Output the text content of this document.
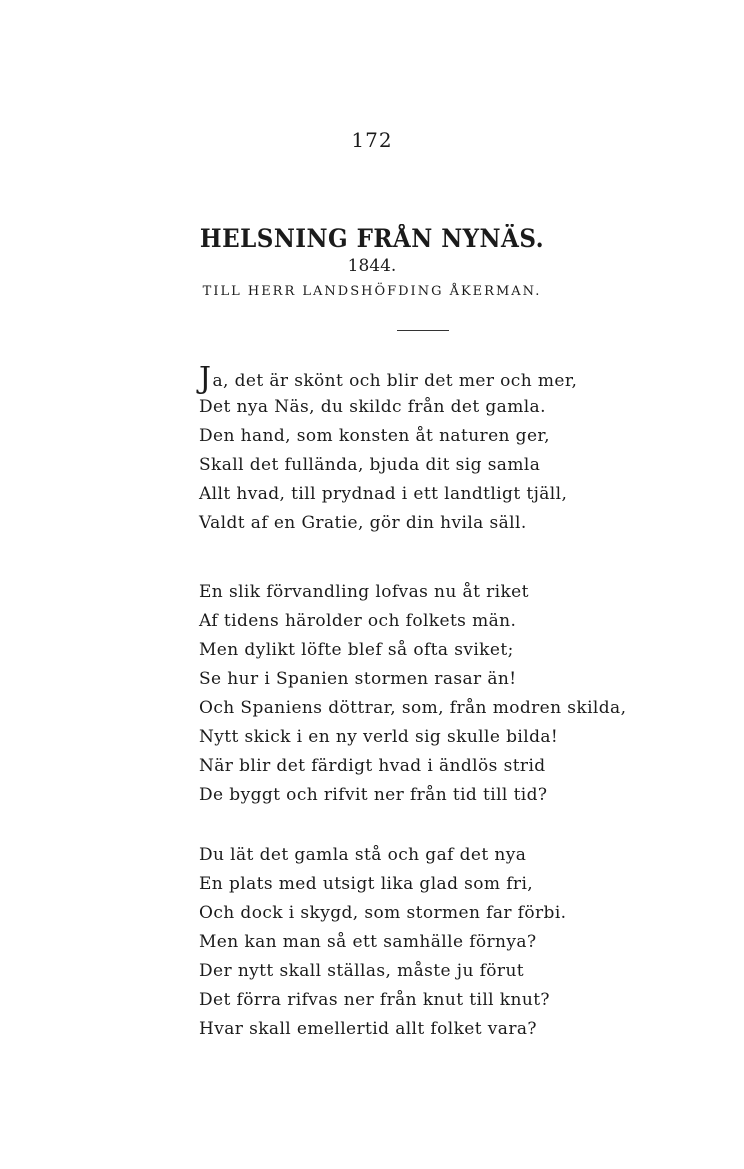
172
HELSNING FRÅN NYNÄS.
1844.
TILL HERR LANDSHÖFDING ÅKERMAN.
Ja, det är skönt och blir det mer och mer,
Det nya Näs, du skildc från det gamla.
Den hand, som konsten åt naturen ger,
Skall det fullända, bjuda dit sig samla
Allt hvad, till prydnad i ett landtligt tjäll,
Valdt af en Gratie, gör din hvila säll.
En slik förvandling lofvas nu åt riket
Af tidens härolder och folkets män.
Men dylikt löfte blef så ofta sviket;
Se hur i Spanien stormen rasar än!
Och Spaniens döttrar, som, från modren skilda,
Nytt skick i en ny verld sig skulle bilda!
När blir det färdigt hvad i ändlös strid
De byggt och rifvit ner från tid till tid?
Du lät det gamla stå och gaf det nya
En plats med utsigt lika glad som fri,
Och dock i skygd, som stormen far förbi.
Men kan man så ett samhälle förnya?
Der nytt skall ställas, måste ju förut
Det förra rifvas ner från knut till knut?
Hvar skall emellertid allt folket vara?
